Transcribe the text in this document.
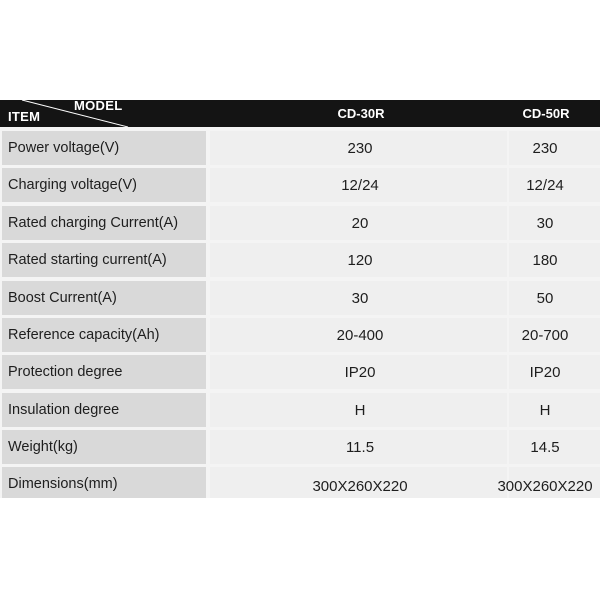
MODEL
ITEM	CD-30R	CD-50R
Power voltage(V)	230	230
Charging voltage(V)	12/24	12/24
Rated charging Current(A)	20	30
Rated starting current(A)	120	180
Boost Current(A)	30	50
Reference capacity(Ah)	20-400	20-700
Protection degree	IP20	IP20
Insulation degree	H	H
Weight(kg)	11.5	14.5
Dimensions(mm)	300X260X220	300X260X220
